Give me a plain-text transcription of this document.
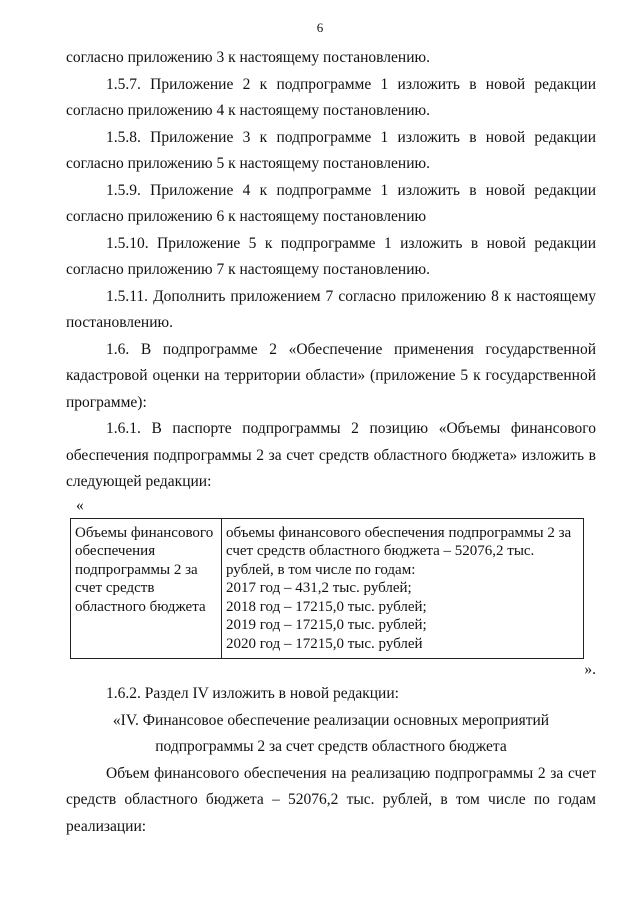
6

согласно приложению 3 к настоящему постановлению.

1.5.7. Приложение 2 к подпрограмме 1 изложить в новой редакции согласно приложению 4 к настоящему постановлению.

1.5.8. Приложение 3 к подпрограмме 1 изложить в новой редакции согласно приложению 5 к настоящему постановлению.

1.5.9. Приложение 4 к подпрограмме 1 изложить в новой редакции согласно приложению 6 к настоящему постановлению

1.5.10. Приложение 5 к подпрограмме 1 изложить в новой редакции согласно приложению 7 к настоящему постановлению.

1.5.11. Дополнить приложением 7 согласно приложению 8 к настоящему постановлению.

1.6. В подпрограмме 2 «Обеспечение применения государственной кадастровой оценки на территории области» (приложение 5 к государственной программе):

1.6.1. В паспорте подпрограммы 2 позицию «Объемы финансового обеспечения подпрограммы 2 за счет средств областного бюджета» изложить в следующей редакции:

«

Объемы финансового обеспечения подпрограммы 2 за счет средств областного бюджета	
объемы финансового обеспечения подпрограммы 2 за счет средств областного бюджета – 52076,2 тыс. рублей, в том числе по годам:
2017 год – 431,2 тыс. рублей;
2018 год – 17215,0 тыс. рублей;
2019 год – 17215,0 тыс. рублей;
2020 год – 17215,0 тыс. рублей

».

1.6.2. Раздел IV изложить в новой редакции:

«IV. Финансовое обеспечение реализации основных мероприятий

подпрограммы 2 за счет средств областного бюджета

Объем финансового обеспечения на реализацию подпрограммы 2 за счет средств областного бюджета – 52076,2 тыс. рублей, в том числе по годам реализации:
